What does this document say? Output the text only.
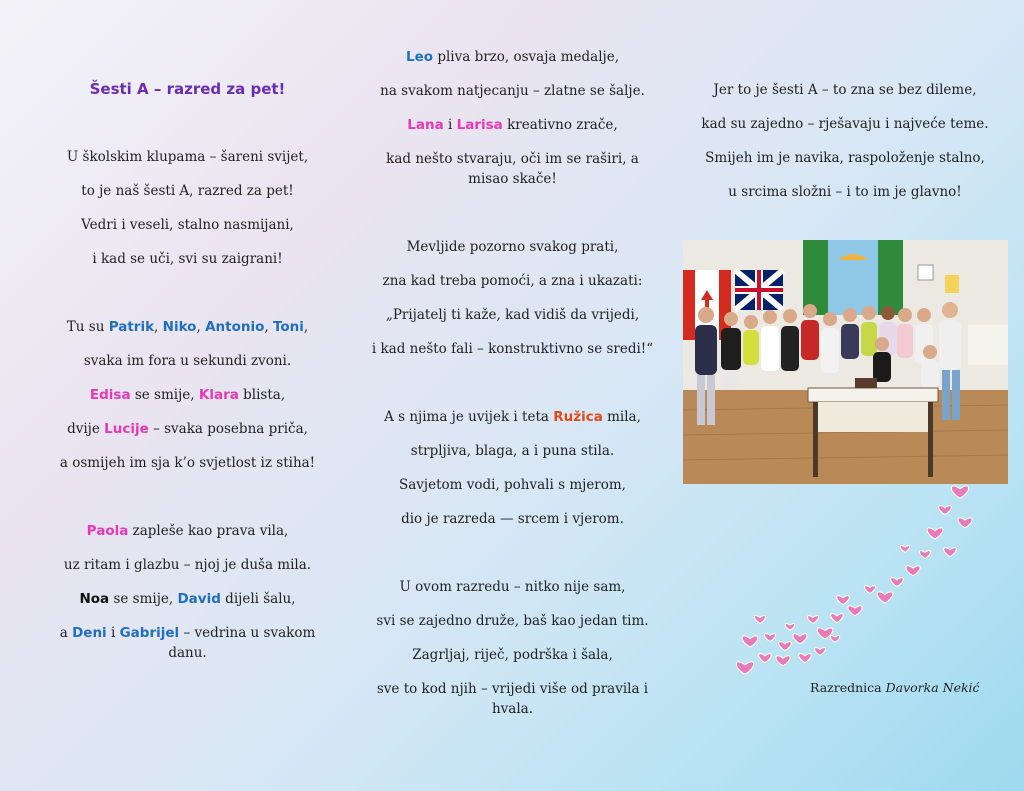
Šesti A – razred za pet!

U školskim klupama – šareni svijet,

to je naš šesti A, razred za pet!

Vedri i veseli, stalno nasmijani,

i kad se uči, svi su zaigrani!

Tu su Patrik, Niko, Antonio, Toni,

svaka im fora u sekundi zvoni.

Edisa se smije, Klara blista,

dvije Lucije – svaka posebna priča,

a osmijeh im sja k’o svjetlost iz stiha!

Paola zapleše kao prava vila,

uz ritam i glazbu – njoj je duša mila.

Noa se smije, David dijeli šalu,

a Deni i Gabrijel – vedrina u svakom danu.

Leo pliva brzo, osvaja medalje,

na svakom natjecanju – zlatne se šalje.

Lana i Larisa kreativno zrače,

kad nešto stvaraju, oči im se raširi, a misao skače!

Mevljide pozorno svakog prati,

zna kad treba pomoći, a zna i ukazati:

„Prijatelj ti kaže, kad vidiš da vrijedi,

i kad nešto fali – konstruktivno se sredi!“

A s njima je uvijek i teta Ružica mila,

strpljiva, blaga, a i puna stila.

Savjetom vodi, pohvali s mjerom,

dio je razreda — srcem i vjerom.

U ovom razredu – nitko nije sam,

svi se zajedno druže, baš kao jedan tim.

Zagrljaj, riječ, podrška i šala,

sve to kod njih – vrijedi više od pravila i hvala.

Jer to je šesti A – to zna se bez dileme,

kad su zajedno – rješavaju i najveće teme.

Smijeh im je navika, raspoloženje stalno,

u srcima složni – i to im je glavno!

Razrednica Davorka Nekić
